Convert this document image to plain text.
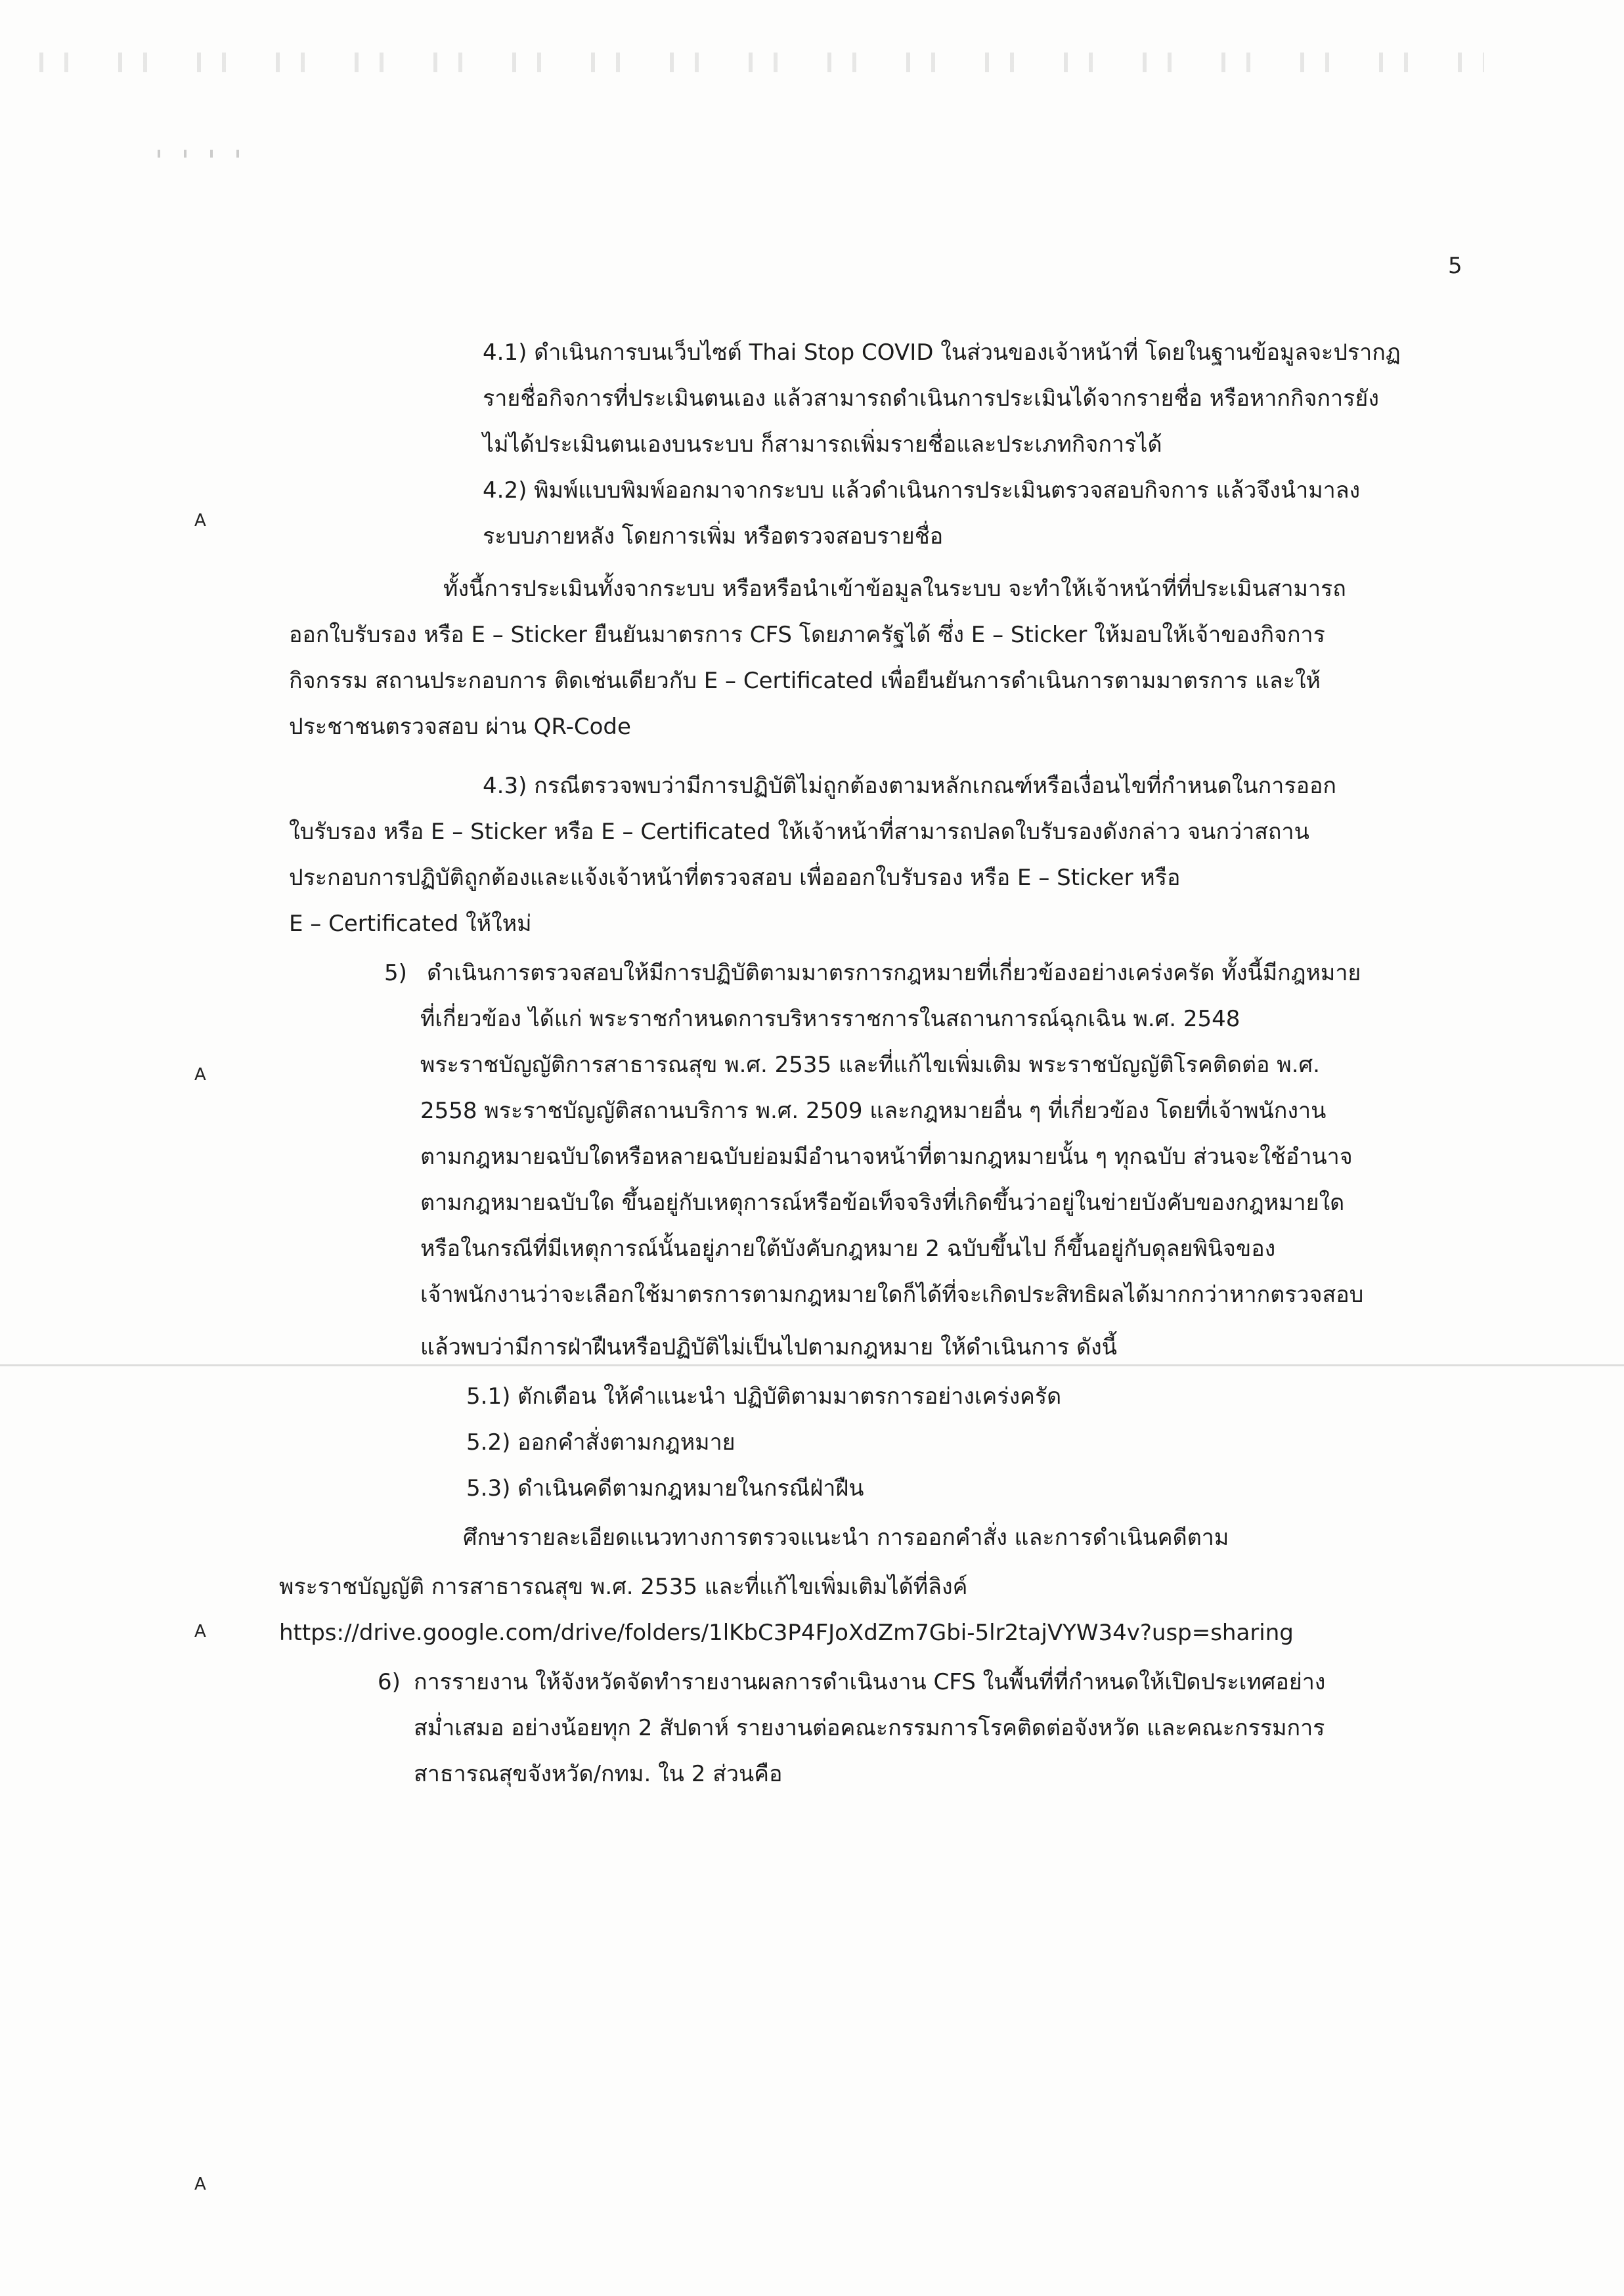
5
A
A
A
A
4.1) ดำเนินการบนเว็บไซต์ Thai Stop COVID ในส่วนของเจ้าหน้าที่ โดยในฐานข้อมูลจะปรากฏ
รายชื่อกิจการที่ประเมินตนเอง แล้วสามารถดำเนินการประเมินได้จากรายชื่อ หรือหากกิจการยัง
ไม่ได้ประเมินตนเองบนระบบ ก็สามารถเพิ่มรายชื่อและประเภทกิจการได้
4.2) พิมพ์แบบพิมพ์ออกมาจากระบบ แล้วดำเนินการประเมินตรวจสอบกิจการ แล้วจึงนำมาลง
ระบบภายหลัง โดยการเพิ่ม หรือตรวจสอบรายชื่อ
ทั้งนี้การประเมินทั้งจากระบบ หรือหรือนำเข้าข้อมูลในระบบ จะทำให้เจ้าหน้าที่ที่ประเมินสามารถ
ออกใบรับรอง หรือ E – Sticker ยืนยันมาตรการ CFS โดยภาครัฐได้ ซึ่ง E – Sticker ให้มอบให้เจ้าของกิจการ
กิจกรรม สถานประกอบการ ติดเช่นเดียวกับ E – Certificated เพื่อยืนยันการดำเนินการตามมาตรการ และให้
ประชาชนตรวจสอบ ผ่าน QR-Code
4.3) กรณีตรวจพบว่ามีการปฏิบัติไม่ถูกต้องตามหลักเกณฑ์หรือเงื่อนไขที่กำหนดในการออก
ใบรับรอง หรือ E – Sticker หรือ E – Certificated ให้เจ้าหน้าที่สามารถปลดใบรับรองดังกล่าว จนกว่าสถาน
ประกอบการปฏิบัติถูกต้องและแจ้งเจ้าหน้าที่ตรวจสอบ เพื่อออกใบรับรอง หรือ E – Sticker หรือ
E – Certificated ให้ใหม่
5) ดำเนินการตรวจสอบให้มีการปฏิบัติตามมาตรการกฎหมายที่เกี่ยวข้องอย่างเคร่งครัด ทั้งนี้มีกฎหมาย
ที่เกี่ยวข้อง ได้แก่ พระราชกำหนดการบริหารราชการในสถานการณ์ฉุกเฉิน พ.ศ. 2548
พระราชบัญญัติการสาธารณสุข พ.ศ. 2535 และที่แก้ไขเพิ่มเติม พระราชบัญญัติโรคติดต่อ พ.ศ.
2558 พระราชบัญญัติสถานบริการ พ.ศ. 2509 และกฎหมายอื่น ๆ ที่เกี่ยวข้อง โดยที่เจ้าพนักงาน
ตามกฎหมายฉบับใดหรือหลายฉบับย่อมมีอำนาจหน้าที่ตามกฎหมายนั้น ๆ ทุกฉบับ ส่วนจะใช้อำนาจ
ตามกฎหมายฉบับใด ขึ้นอยู่กับเหตุการณ์หรือข้อเท็จจริงที่เกิดขึ้นว่าอยู่ในข่ายบังคับของกฎหมายใด
หรือในกรณีที่มีเหตุการณ์นั้นอยู่ภายใต้บังคับกฎหมาย 2 ฉบับขึ้นไป ก็ขึ้นอยู่กับดุลยพินิจของ
เจ้าพนักงานว่าจะเลือกใช้มาตรการตามกฎหมายใดก็ได้ที่จะเกิดประสิทธิผลได้มากกว่าหากตรวจสอบ
แล้วพบว่ามีการฝ่าฝืนหรือปฏิบัติไม่เป็นไปตามกฎหมาย ให้ดำเนินการ ดังนี้
5.1) ตักเตือน ให้คำแนะนำ ปฏิบัติตามมาตรการอย่างเคร่งครัด
5.2) ออกคำสั่งตามกฎหมาย
5.3) ดำเนินคดีตามกฎหมายในกรณีฝ่าฝืน
ศึกษารายละเอียดแนวทางการตรวจแนะนำ การออกคำสั่ง และการดำเนินคดีตาม
พระราชบัญญัติ การสาธารณสุข พ.ศ. 2535 และที่แก้ไขเพิ่มเติมได้ที่ลิงค์
https://drive.google.com/drive/folders/1lKbC3P4FJoXdZm7Gbi-5lr2tajVYW34v?usp=sharing
6) การรายงาน ให้จังหวัดจัดทำรายงานผลการดำเนินงาน CFS ในพื้นที่ที่กำหนดให้เปิดประเทศอย่าง
สม่ำเสมอ อย่างน้อยทุก 2 สัปดาห์ รายงานต่อคณะกรรมการโรคติดต่อจังหวัด และคณะกรรมการ
สาธารณสุขจังหวัด/กทม. ใน 2 ส่วนคือ
